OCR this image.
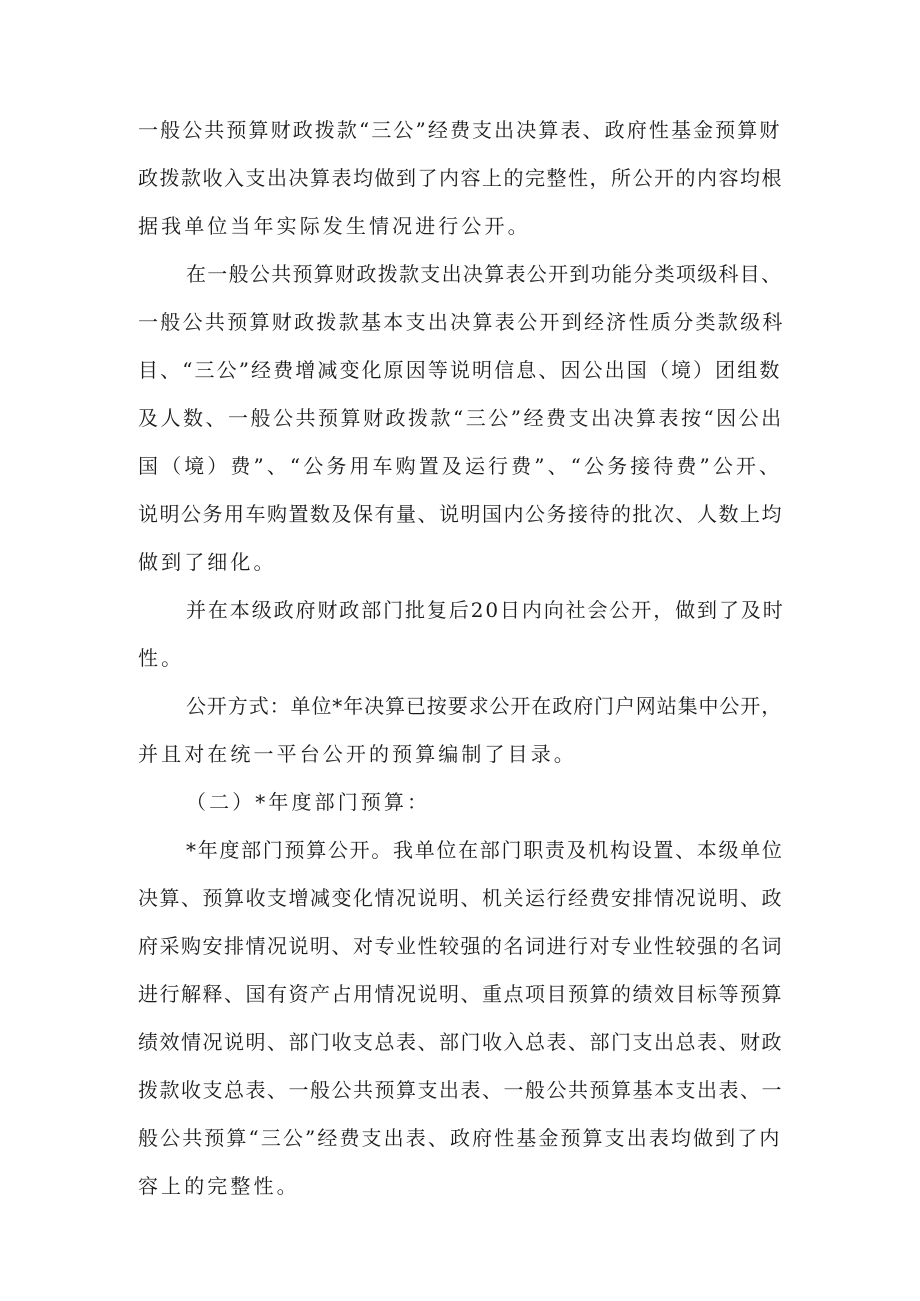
一般公共预算财政拨款“三公”经费支出决算表、政府性基金预算财
政拨款收入支出决算表均做到了内容上的完整性，所公开的内容均根
据我单位当年实际发生情况进行公开。
在一般公共预算财政拨款支出决算表公开到功能分类项级科目、
一般公共预算财政拨款基本支出决算表公开到经济性质分类款级科
目、“三公”经费增减变化原因等说明信息、因公出国（境）团组数
及人数、一般公共预算财政拨款“三公”经费支出决算表按“因公出
国（境）费”、“公务用车购置及运行费”、“公务接待费”公开、
说明公务用车购置数及保有量、说明国内公务接待的批次、人数上均
做到了细化。
并在本级政府财政部门批复后20日内向社会公开，做到了及时
性。
公开方式：单位*年决算已按要求公开在政府门户网站集中公开，
并且对在统一平台公开的预算编制了目录。
（二）*年度部门预算：
*年度部门预算公开。我单位在部门职责及机构设置、本级单位
决算、预算收支增减变化情况说明、机关运行经费安排情况说明、政
府采购安排情况说明、对专业性较强的名词进行对专业性较强的名词
进行解释、国有资产占用情况说明、重点项目预算的绩效目标等预算
绩效情况说明、部门收支总表、部门收入总表、部门支出总表、财政
拨款收支总表、一般公共预算支出表、一般公共预算基本支出表、一
般公共预算“三公”经费支出表、政府性基金预算支出表均做到了内
容上的完整性。
